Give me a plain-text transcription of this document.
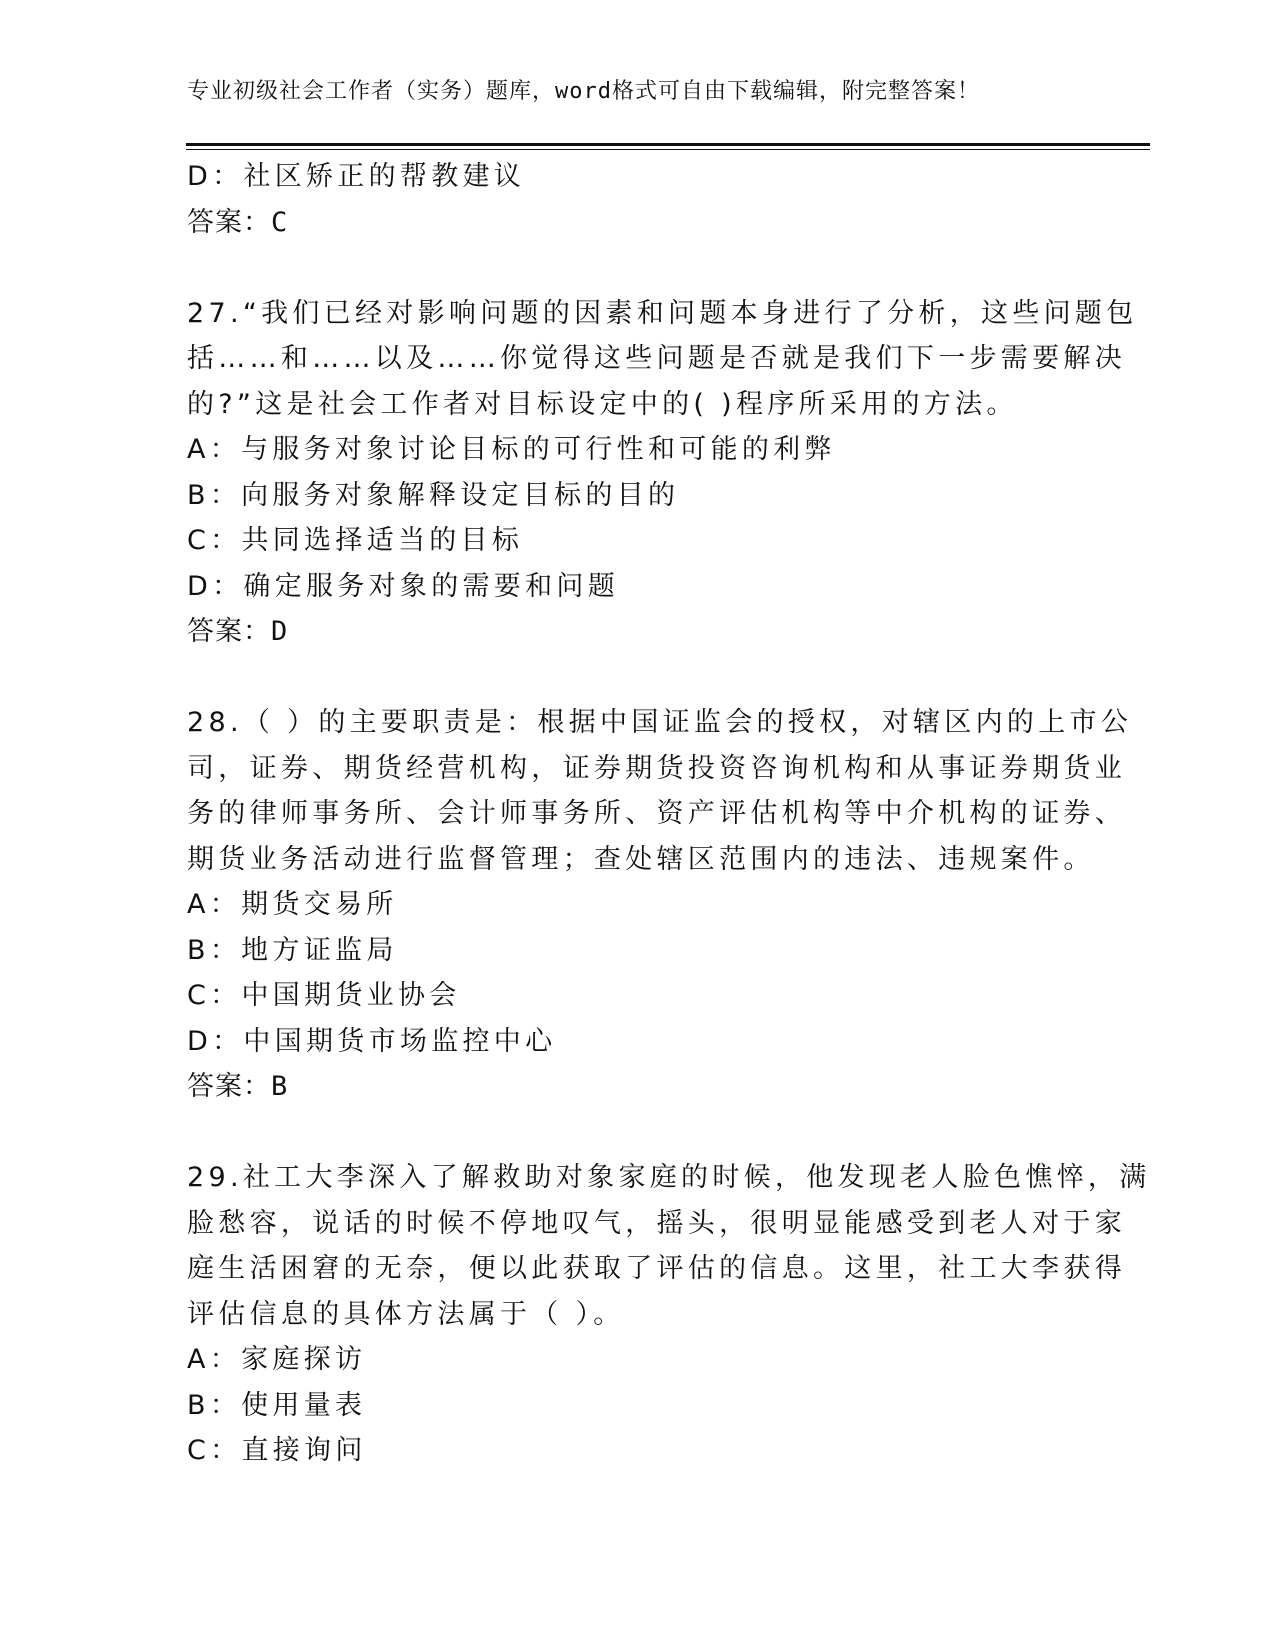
专业初级社会工作者（实务）题库，word格式可自由下载编辑，附完整答案！
D：社区矫正的帮教建议
答案：C
27.“我们已经对影响问题的因素和问题本身进行了分析，这些问题包
括……和……以及……你觉得这些问题是否就是我们下一步需要解决
的?”这是社会工作者对目标设定中的( )程序所采用的方法。
A：与服务对象讨论目标的可行性和可能的利弊
B：向服务对象解释设定目标的目的
C：共同选择适当的目标
D：确定服务对象的需要和问题
答案：D
28.（ ）的主要职责是：根据中国证监会的授权，对辖区内的上市公
司，证券、期货经营机构，证券期货投资咨询机构和从事证券期货业
务的律师事务所、会计师事务所、资产评估机构等中介机构的证券、
期货业务活动进行监督管理；查处辖区范围内的违法、违规案件。
A：期货交易所
B：地方证监局
C：中国期货业协会
D：中国期货市场监控中心
答案：B
29.社工大李深入了解救助对象家庭的时候，他发现老人脸色憔悴，满
脸愁容，说话的时候不停地叹气，摇头，很明显能感受到老人对于家
庭生活困窘的无奈，便以此获取了评估的信息。这里，社工大李获得
评估信息的具体方法属于（ ）。
A：家庭探访
B：使用量表
C：直接询问
